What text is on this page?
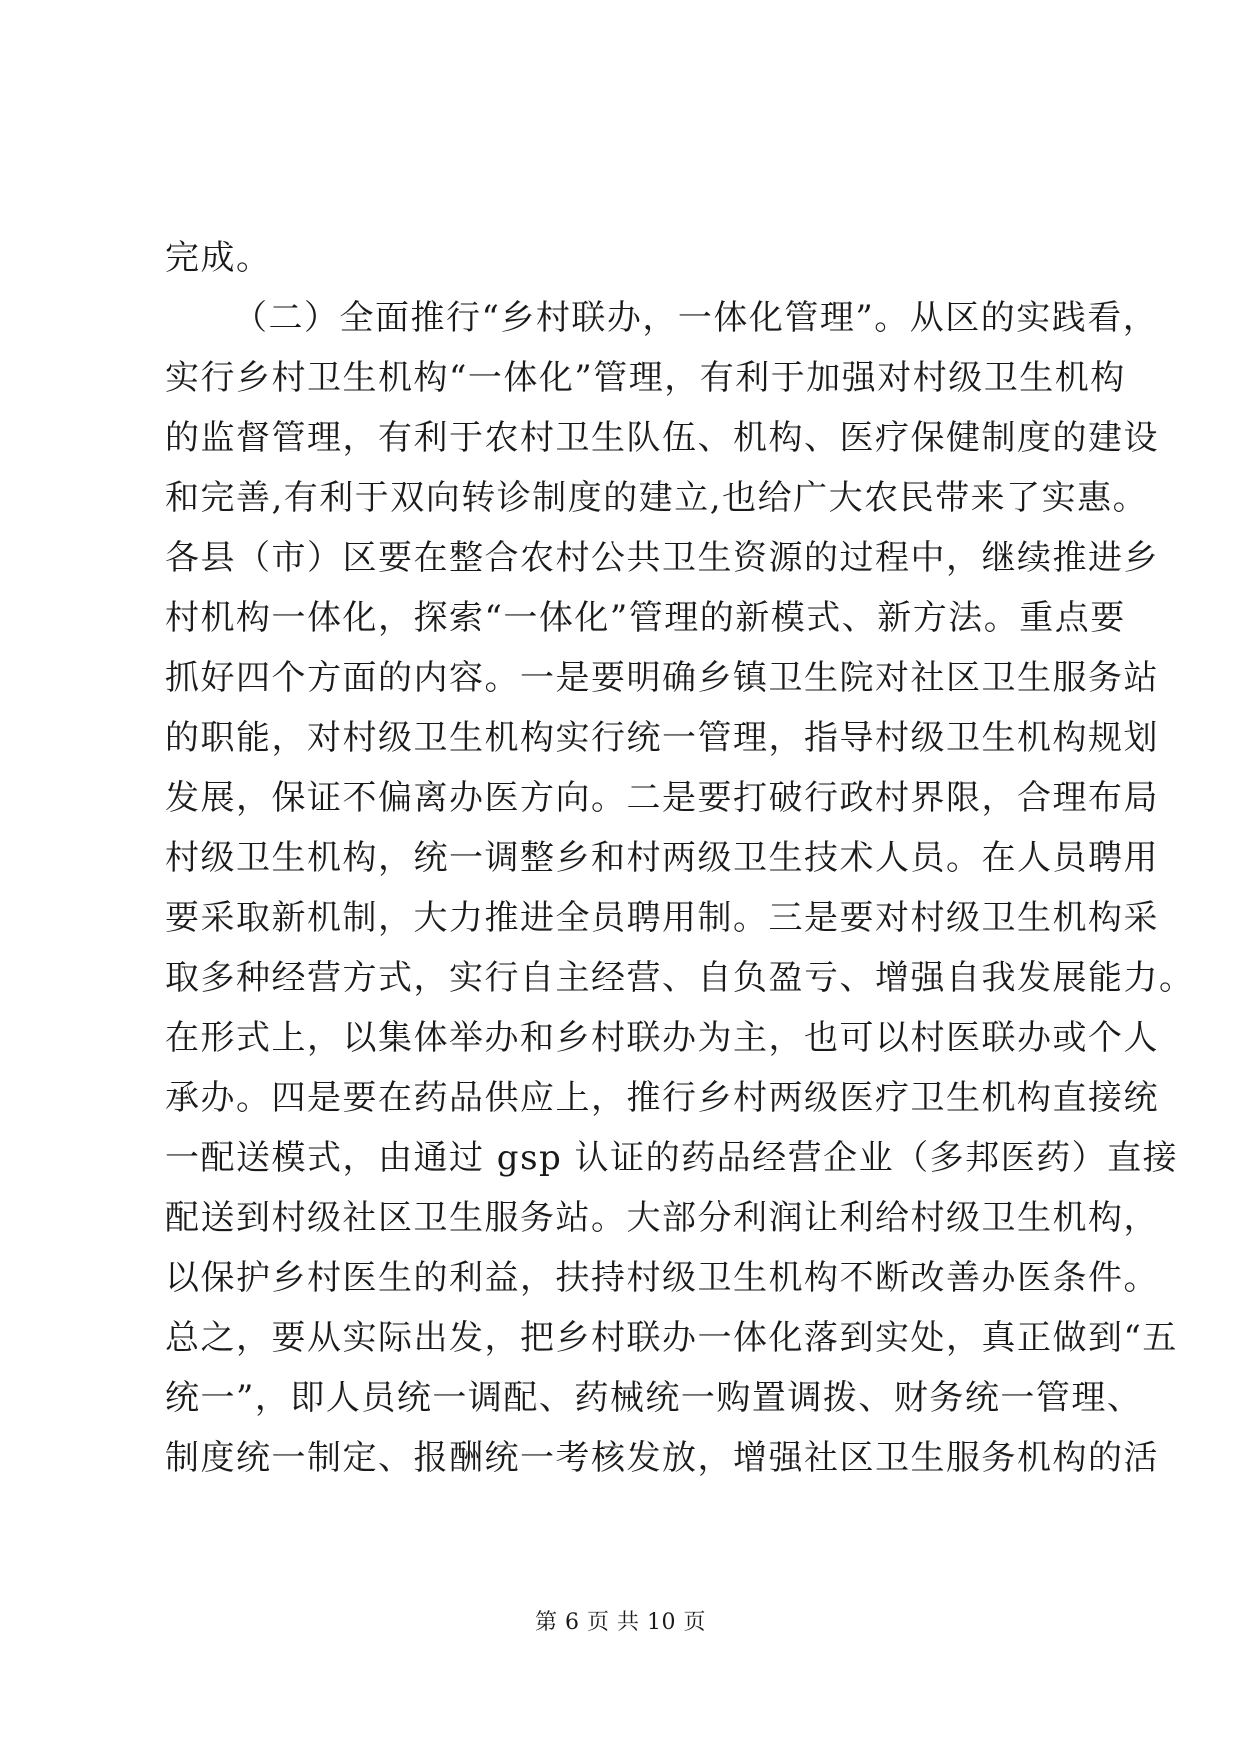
完成。
（二）全面推行“乡村联办，一体化管理”。从区的实践看，
实行乡村卫生机构“一体化”管理，有利于加强对村级卫生机构
的监督管理，有利于农村卫生队伍、机构、医疗保健制度的建设
和完善,有利于双向转诊制度的建立,也给广大农民带来了实惠。
各县（市）区要在整合农村公共卫生资源的过程中，继续推进乡
村机构一体化，探索“一体化”管理的新模式、新方法。重点要
抓好四个方面的内容。一是要明确乡镇卫生院对社区卫生服务站
的职能，对村级卫生机构实行统一管理，指导村级卫生机构规划
发展，保证不偏离办医方向。二是要打破行政村界限，合理布局
村级卫生机构，统一调整乡和村两级卫生技术人员。在人员聘用
要采取新机制，大力推进全员聘用制。三是要对村级卫生机构采
取多种经营方式，实行自主经营、自负盈亏、增强自我发展能力。
在形式上，以集体举办和乡村联办为主，也可以村医联办或个人
承办。四是要在药品供应上，推行乡村两级医疗卫生机构直接统
一配送模式，由通过 gsp 认证的药品经营企业（多邦医药）直接
配送到村级社区卫生服务站。大部分利润让利给村级卫生机构，
以保护乡村医生的利益，扶持村级卫生机构不断改善办医条件。
总之，要从实际出发，把乡村联办一体化落到实处，真正做到“五
统一”，即人员统一调配、药械统一购置调拨、财务统一管理、
制度统一制定、报酬统一考核发放，增强社区卫生服务机构的活
第 6 页 共 10 页
